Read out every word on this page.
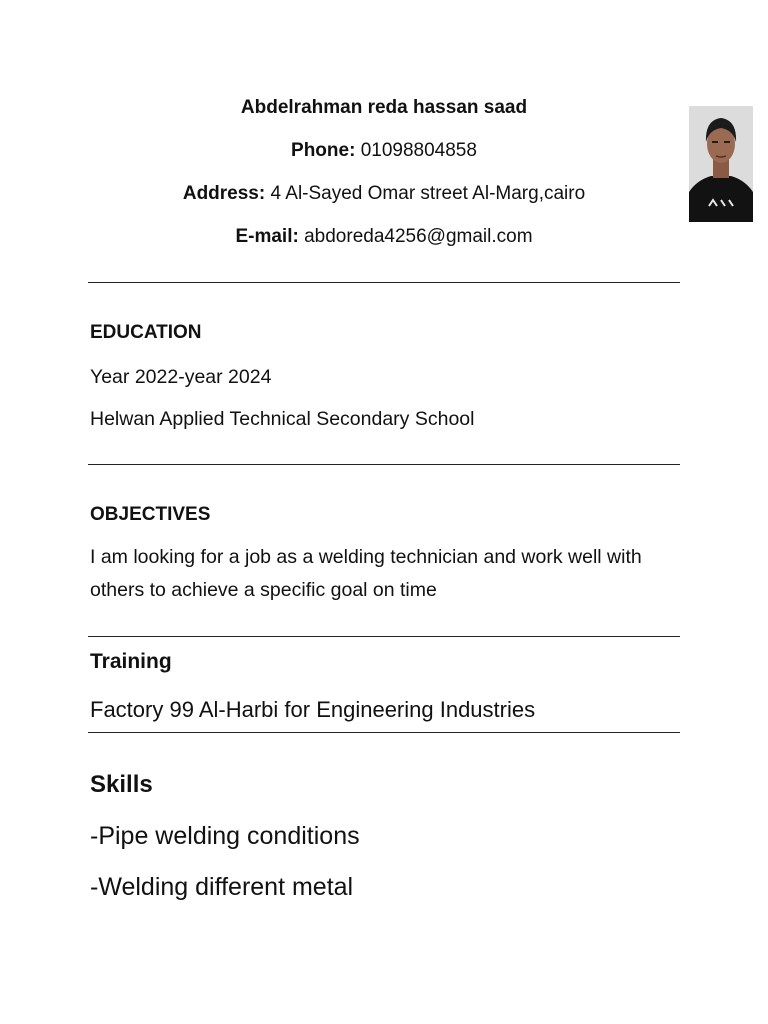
Abdelrahman reda hassan saad
Phone: 01098804858
Address: 4 Al-Sayed Omar street Al-Marg,cairo
E-mail: abdoreda4256@gmail.com
EDUCATION
Year 2022-year 2024
Helwan Applied Technical Secondary School
OBJECTIVES
I am looking for a job as a welding technician and work well with others to achieve a specific goal on time
Training
Factory 99 Al-Harbi for Engineering Industries
Skills
-Pipe welding conditions
-Welding different metal
